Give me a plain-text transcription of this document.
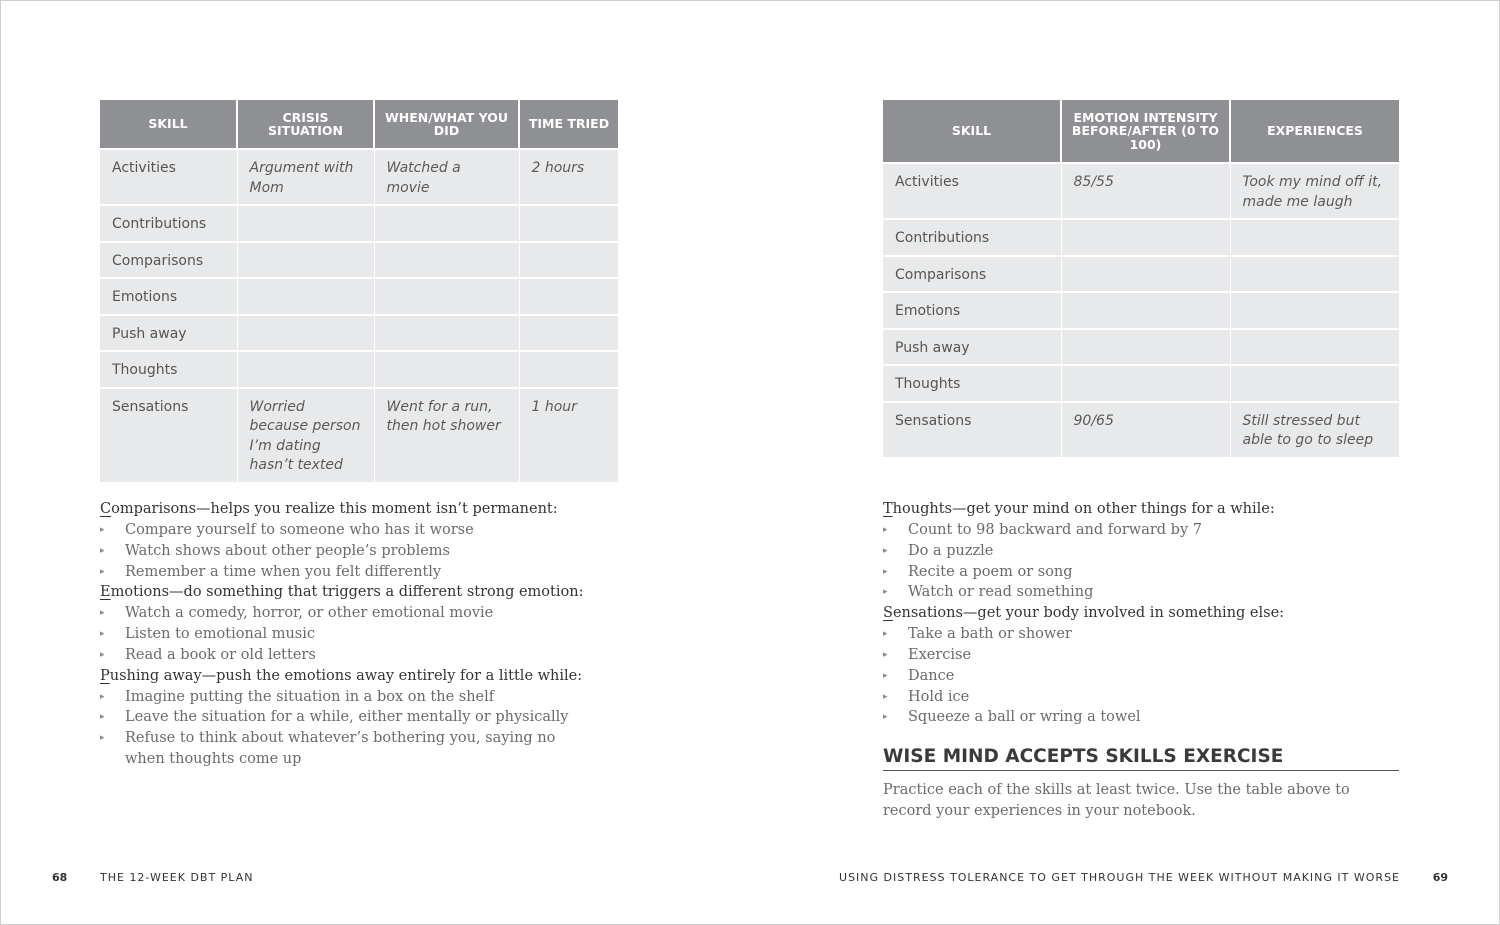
SKILL	CRISIS SITUATION	WHEN/WHAT YOU DID	TIME TRIED
Activities	Argument with Mom	Watched a movie	2 hours
Contributions			
Comparisons			
Emotions			
Push away			
Thoughts			
Sensations	Worried because person I’m dating hasn’t texted	Went for a run, then hot shower	1 hour
SKILL	EMOTION INTENSITY BEFORE/AFTER (0 TO 100)	EXPERIENCES
Activities	85/55	Took my mind off it, made me laugh
Contributions		
Comparisons		
Emotions		
Push away		
Thoughts		
Sensations	90/65	Still stressed but able to go to sleep
Comparisons—helps you realize this moment isn’t permanent:
▸ Compare yourself to someone who has it worse
▸ Watch shows about other people’s problems
▸ Remember a time when you felt differently
Emotions—do something that triggers a different strong emotion:
▸ Watch a comedy, horror, or other emotional movie
▸ Listen to emotional music
▸ Read a book or old letters
Pushing away—push the emotions away entirely for a little while:
▸ Imagine putting the situation in a box on the shelf
▸ Leave the situation for a while, either mentally or physically
▸ Refuse to think about whatever’s bothering you, saying no when thoughts come up
Thoughts—get your mind on other things for a while:
▸ Count to 98 backward and forward by 7
▸ Do a puzzle
▸ Recite a poem or song
▸ Watch or read something
Sensations—get your body involved in something else:
▸ Take a bath or shower
▸ Exercise
▸ Dance
▸ Hold ice
▸ Squeeze a ball or wring a towel
WISE MIND ACCEPTS SKILLS EXERCISE

Practice each of the skills at least twice. Use the table above to record your experiences in your notebook.

68	THE 12-WEEK DBT PLAN	USING DISTRESS TOLERANCE TO GET THROUGH THE WEEK WITHOUT MAKING IT WORSE	69
